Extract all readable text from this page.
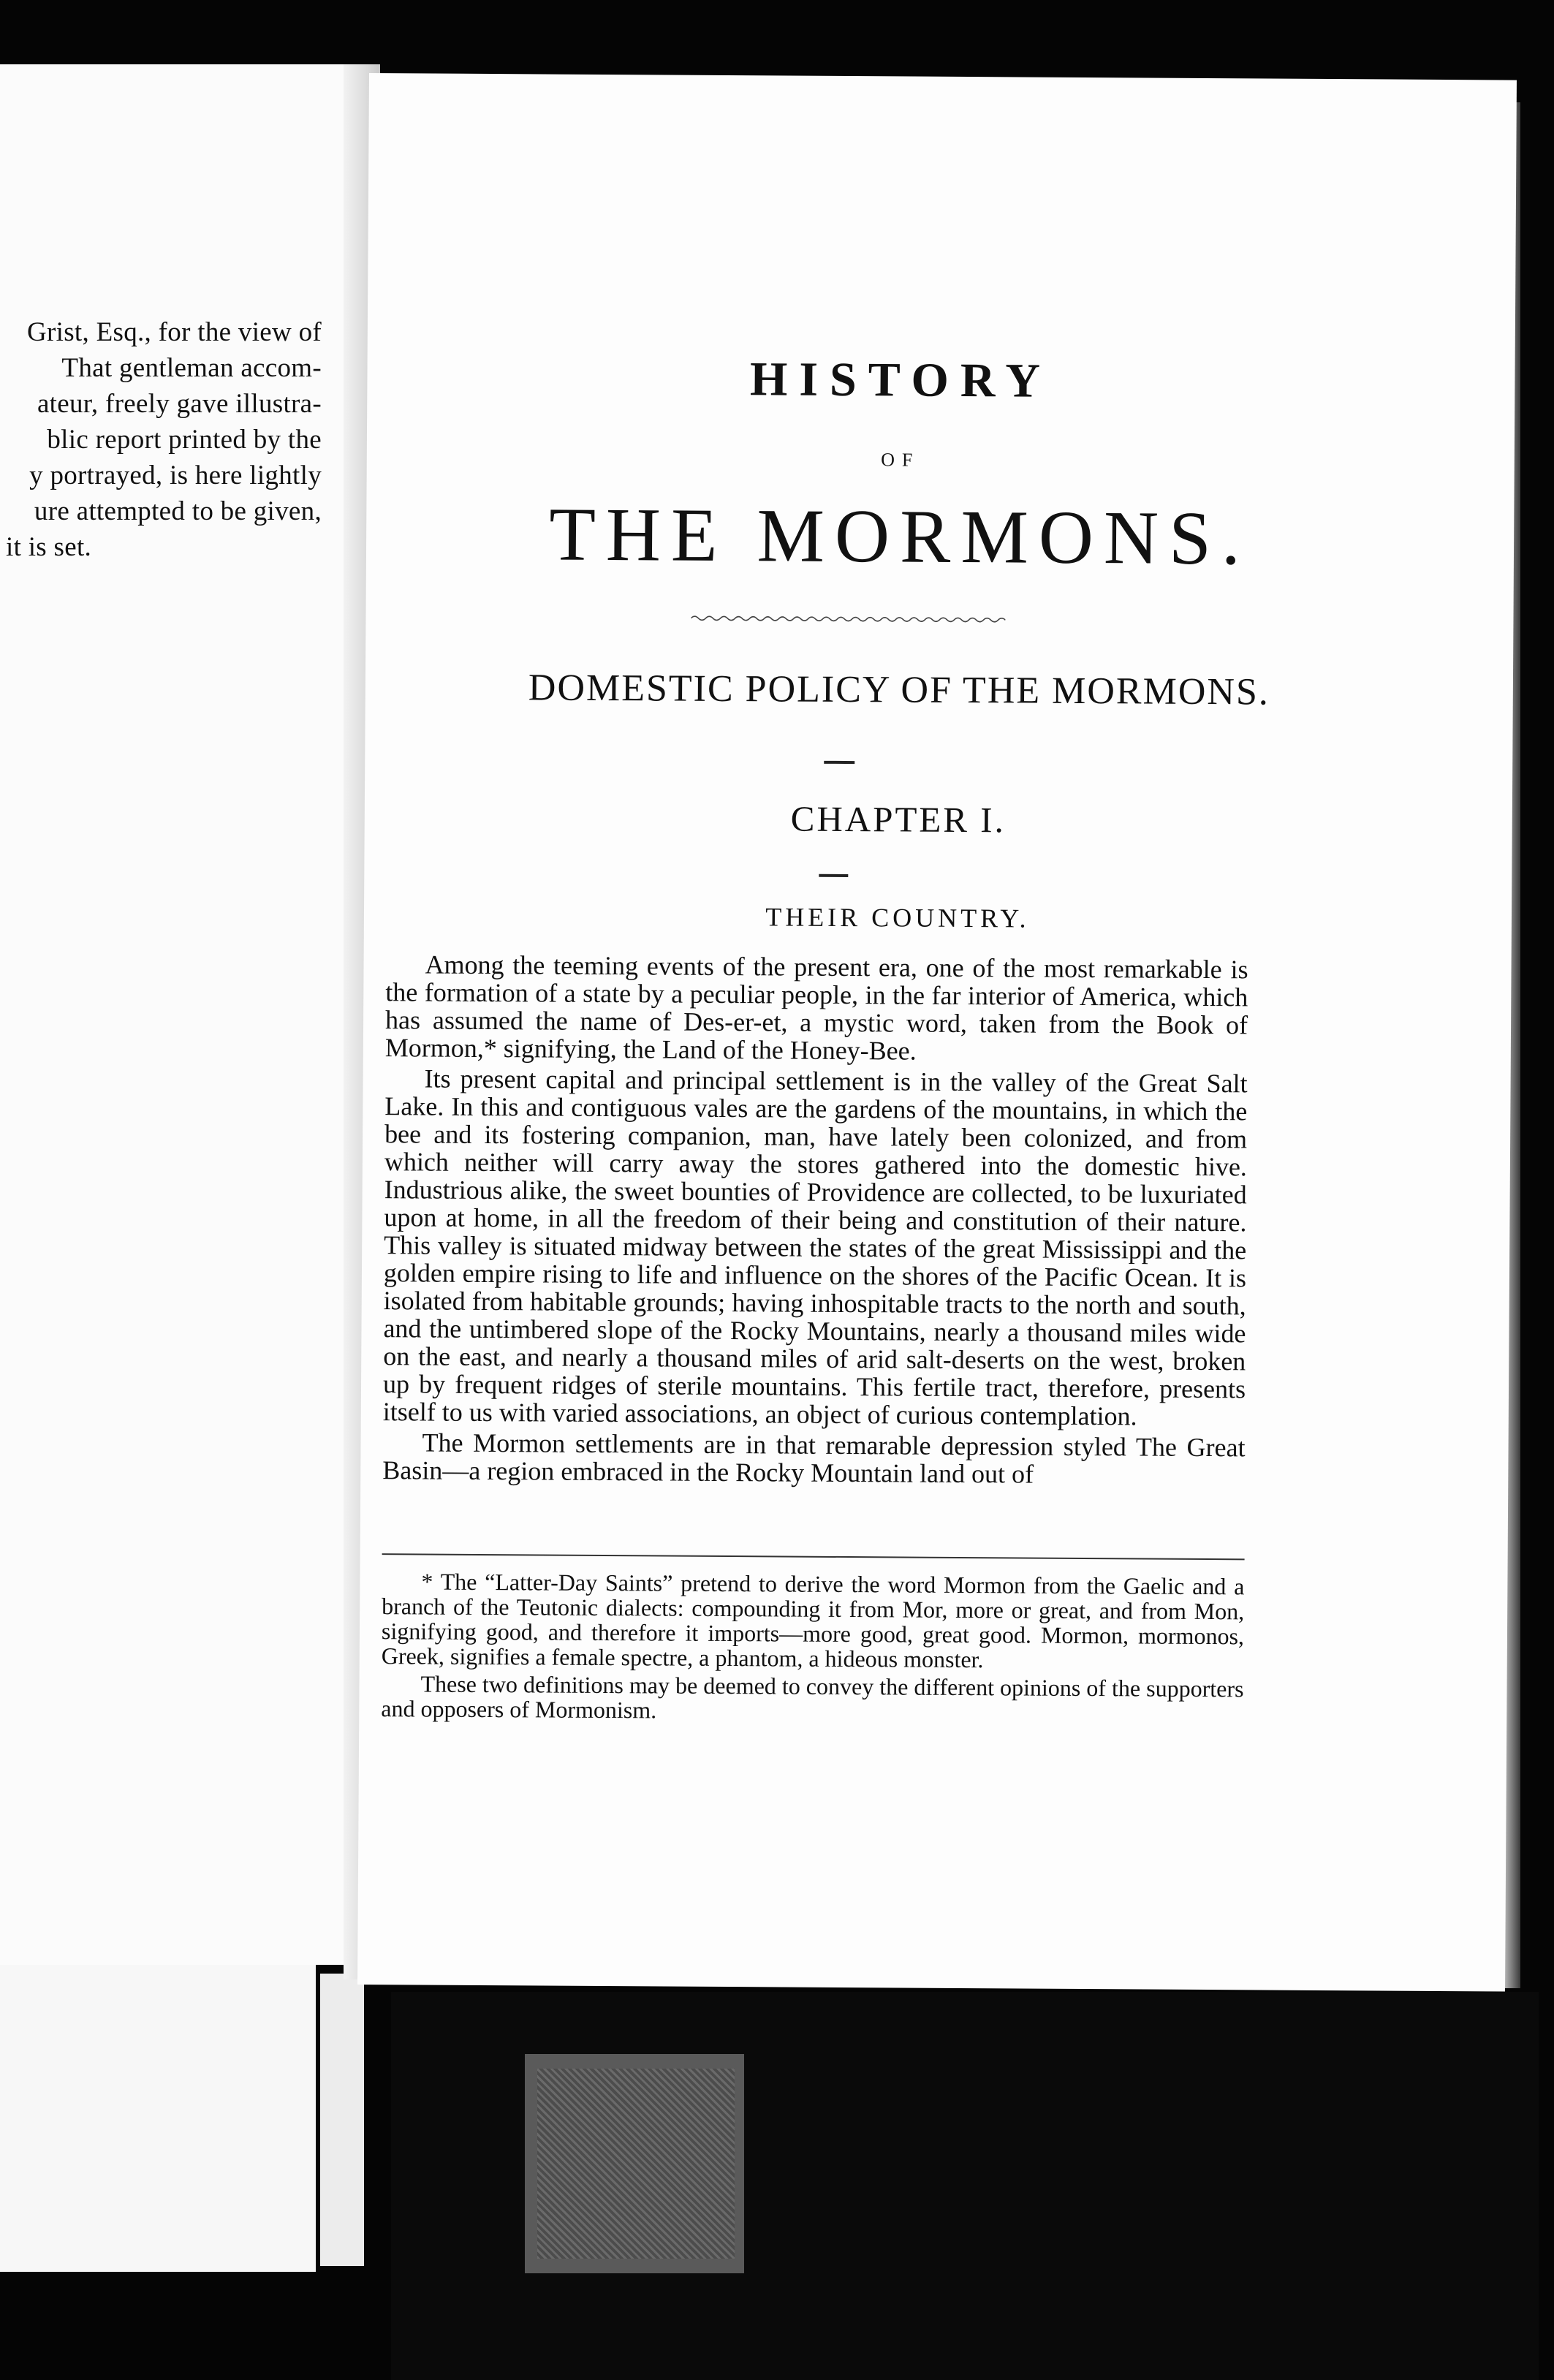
Grist, Esq., for the view of
That gentleman accom-
ateur, freely gave illustra-
blic report printed by the
y portrayed, is here lightly
ure attempted to be given,
it is set.
HISTORY
OF
THE MORMONS.
DOMESTIC POLICY OF THE MORMONS.
CHAPTER I.
THEIR COUNTRY.

Among the teeming events of the present era, one of the most remarkable is the formation of a state by a peculiar people, in the far interior of America, which has assumed the name of Des-er-et, a mystic word, taken from the Book of Mormon,* signifying, the Land of the Honey-Bee.

Its present capital and principal settlement is in the valley of the Great Salt Lake. In this and contiguous vales are the gardens of the mountains, in which the bee and its fostering companion, man, have lately been colonized, and from which neither will carry away the stores gathered into the domestic hive. Industrious alike, the sweet bounties of Providence are collected, to be luxuriated upon at home, in all the freedom of their being and constitution of their nature. This valley is situated midway between the states of the great Mississippi and the golden empire rising to life and influence on the shores of the Pacific Ocean. It is isolated from habitable grounds; having inhospitable tracts to the north and south, and the untimbered slope of the Rocky Mountains, nearly a thousand miles wide on the east, and nearly a thousand miles of arid salt-deserts on the west, broken up by frequent ridges of sterile mountains. This fertile tract, therefore, presents itself to us with varied associations, an object of curious contemplation.

The Mormon settlements are in that remarable depression styled The Great Basin—a region embraced in the Rocky Mountain land out of

* The “Latter-Day Saints” pretend to derive the word Mormon from the Gaelic and a branch of the Teutonic dialects: compounding it from Mor, more or great, and from Mon, signifying good, and therefore it imports—more good, great good. Mormon, mormonos, Greek, signifies a female spectre, a phantom, a hideous monster.

These two definitions may be deemed to convey the different opinions of the supporters and opposers of Mormonism.
